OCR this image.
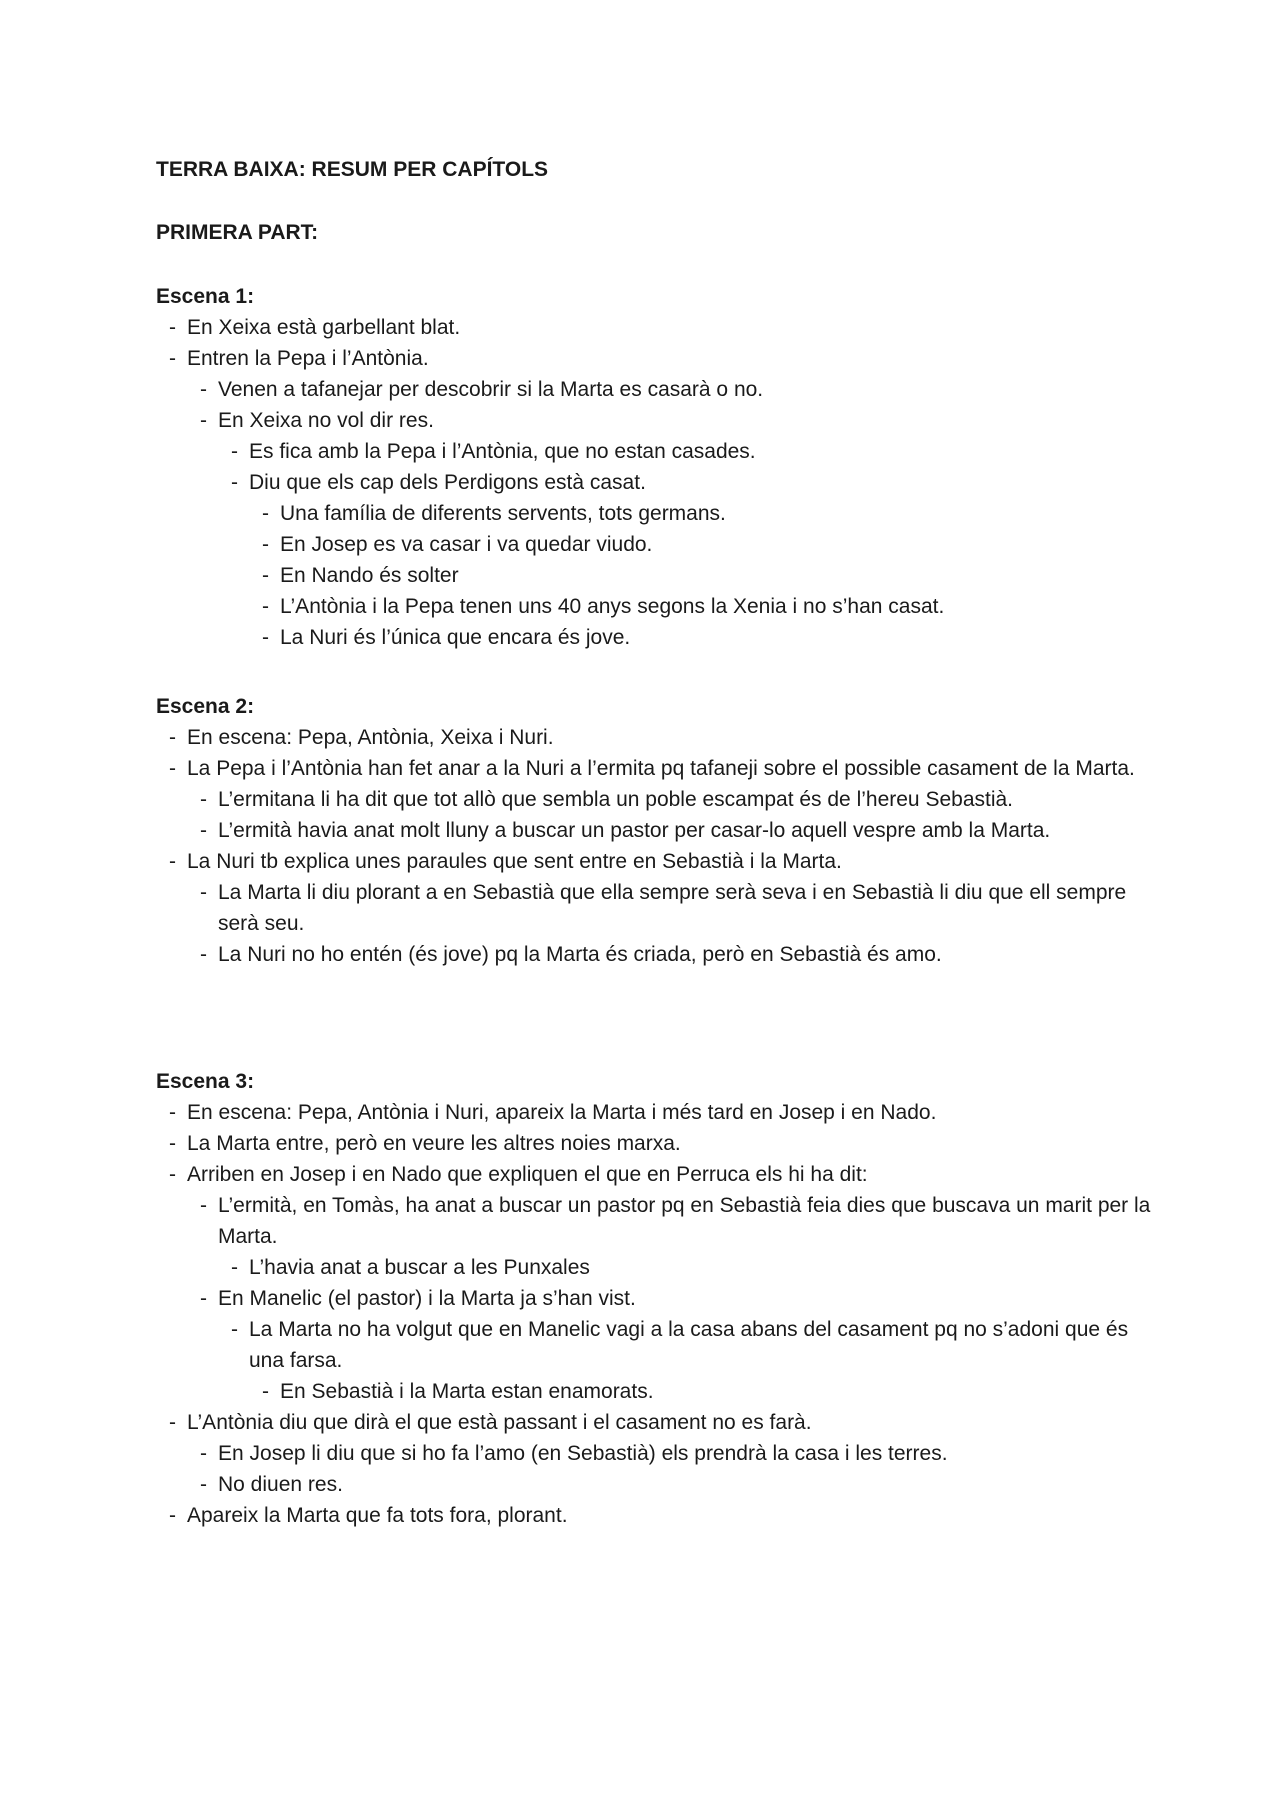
TERRA BAIXA: RESUM PER CAPÍTOLS
PRIMERA PART:
Escena 1:
- En Xeixa està garbellant blat.
- Entren la Pepa i l’Antònia.
- Venen a tafanejar per descobrir si la Marta es casarà o no.
- En Xeixa no vol dir res.
- Es fica amb la Pepa i l’Antònia, que no estan casades.
- Diu que els cap dels Perdigons està casat.
- Una família de diferents servents, tots germans.
- En Josep es va casar i va quedar viudo.
- En Nando és solter
- L’Antònia i la Pepa tenen uns 40 anys segons la Xenia i no s’han casat.
- La Nuri és l’única que encara és jove.
Escena 2:
- En escena: Pepa, Antònia, Xeixa i Nuri.
- La Pepa i l’Antònia han fet anar a la Nuri a l’ermita pq tafaneji sobre el possible casament de la Marta.
- L’ermitana li ha dit que tot allò que sembla un poble escampat és de l’hereu Sebastià.
- L’ermità havia anat molt lluny a buscar un pastor per casar-lo aquell vespre amb la Marta.
- La Nuri tb explica unes paraules que sent entre en Sebastià i la Marta.
- La Marta li diu plorant a en Sebastià que ella sempre serà seva i en Sebastià li diu que ell sempre serà seu.
- La Nuri no ho entén (és jove) pq la Marta és criada, però en Sebastià és amo.
Escena 3:
- En escena: Pepa, Antònia i Nuri, apareix la Marta i més tard en Josep i en Nado.
- La Marta entre, però en veure les altres noies marxa.
- Arriben en Josep i en Nado que expliquen el que en Perruca els hi ha dit:
- L’ermità, en Tomàs, ha anat a buscar un pastor pq en Sebastià feia dies que buscava un marit per la Marta.
- L’havia anat a buscar a les Punxales
- En Manelic (el pastor) i la Marta ja s’han vist.
- La Marta no ha volgut que en Manelic vagi a la casa abans del casament pq no s’adoni que és una farsa.
- En Sebastià i la Marta estan enamorats.
- L’Antònia diu que dirà el que està passant i el casament no es farà.
- En Josep li diu que si ho fa l’amo (en Sebastià) els prendrà la casa i les terres.
- No diuen res.
- Apareix la Marta que fa tots fora, plorant.
